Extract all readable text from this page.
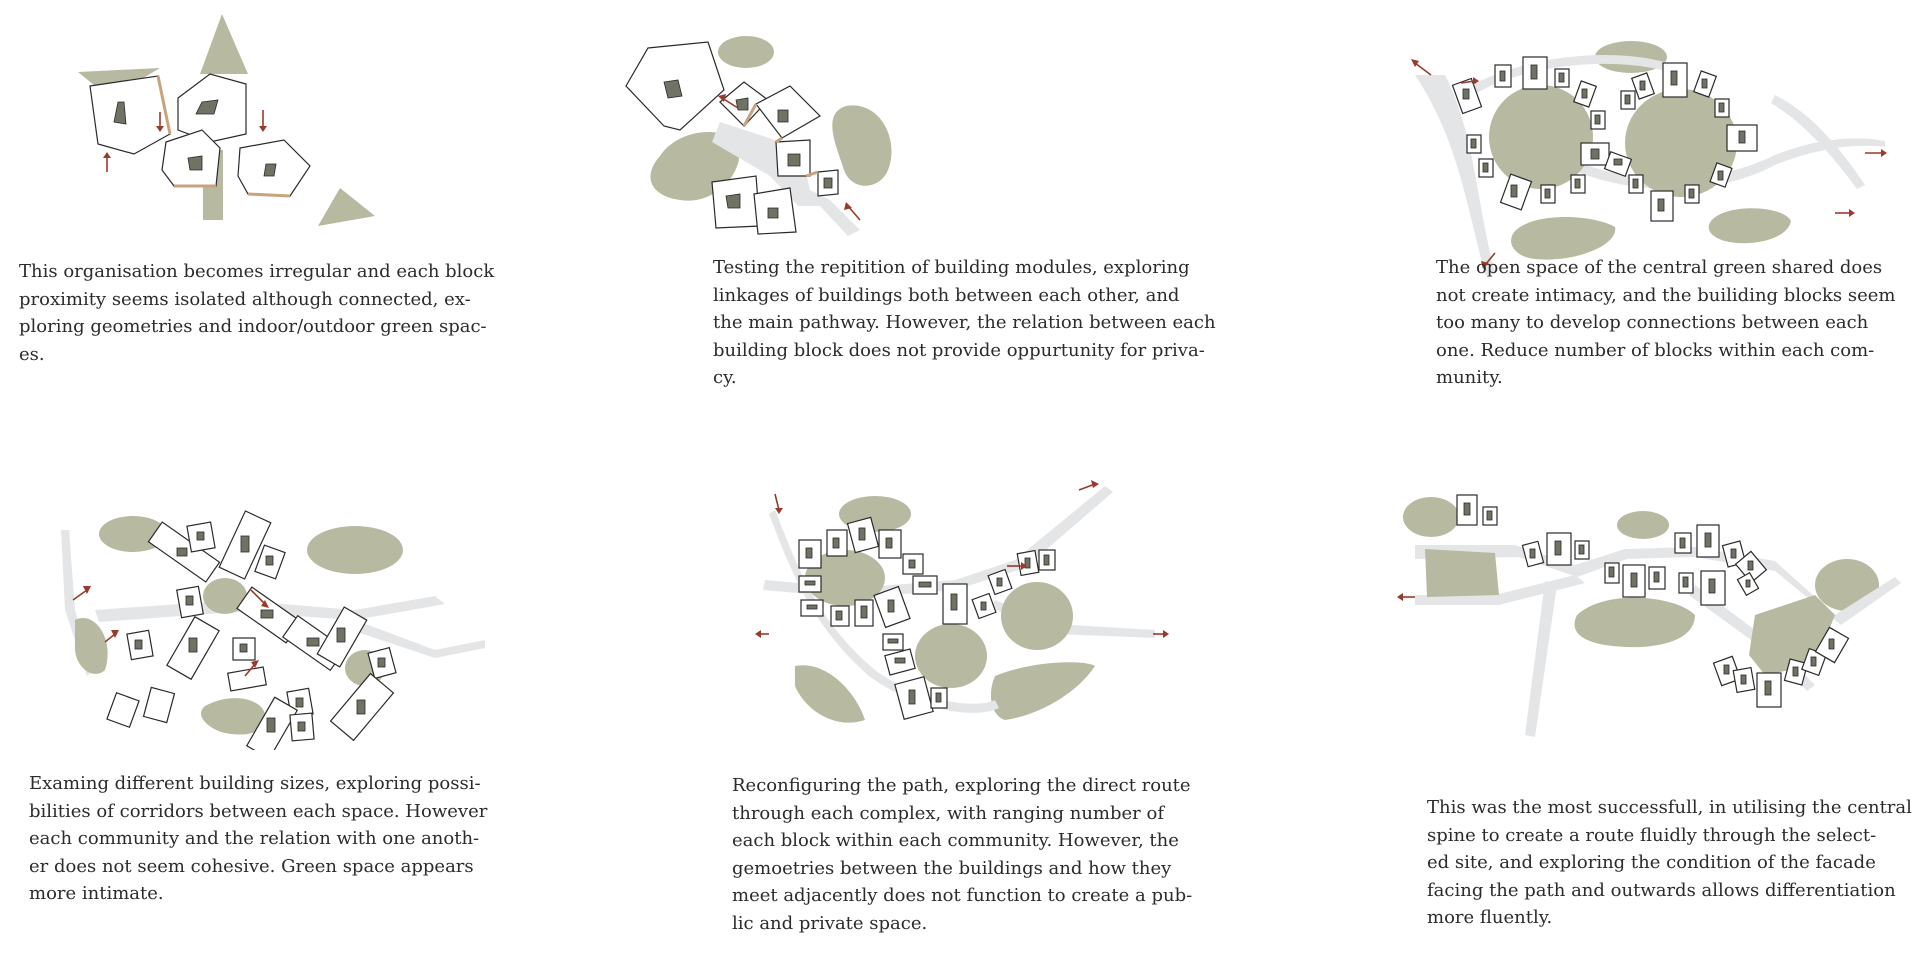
This organisation becomes irregular and each block
proximity seems isolated although connected, ex-
ploring geometries and indoor/outdoor green spac-
es.

Testing the repitition of building modules, exploring
linkages of buildings both between each other, and
the main pathway. However, the relation between each
building block does not provide oppurtunity for priva-
cy.

The open space of the central green shared does
not create intimacy, and the builiding blocks seem
too many to develop connections between each
one. Reduce number of blocks within each com-
munity.

Examing different building sizes, exploring possi-
bilities of corridors between each space. However
each community and the relation with one anoth-
er does not seem cohesive. Green space appears
more intimate.

Reconfiguring the path, exploring the direct route
through each complex, with ranging number of
each block within each community. However, the
gemoetries between the buildings and how they
meet adjacently does not function to create a pub-
lic and private space.

This was the most successfull, in utilising the central
spine to create a route fluidly through the select-
ed site, and exploring the condition of the facade
facing the path and outwards allows differentiation
more fluently.
